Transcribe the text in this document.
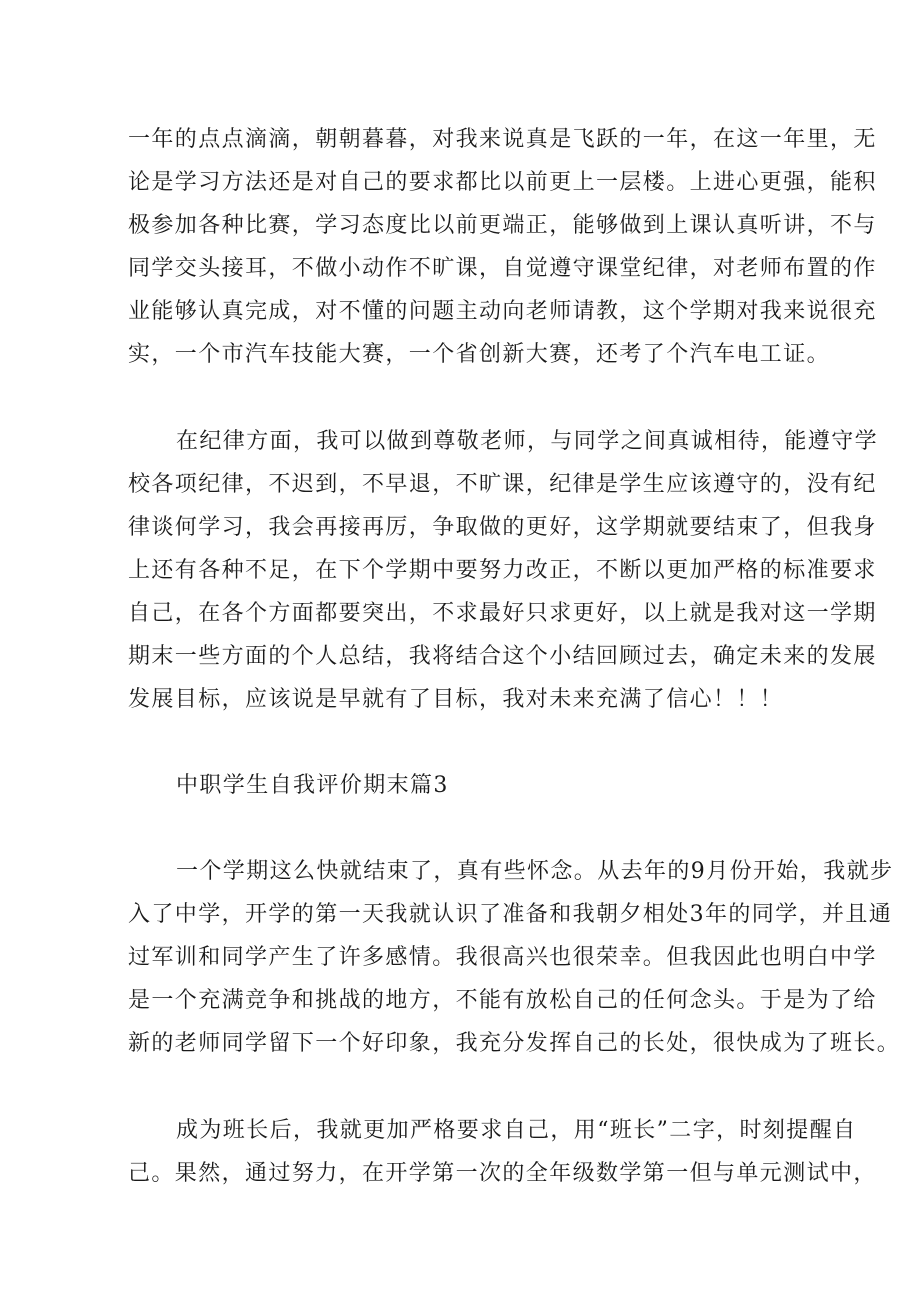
一年的点点滴滴，朝朝暮暮，对我来说真是飞跃的一年，在这一年里，无
论是学习方法还是对自己的要求都比以前更上一层楼。上进心更强，能积
极参加各种比赛，学习态度比以前更端正，能够做到上课认真听讲，不与
同学交头接耳，不做小动作不旷课，自觉遵守课堂纪律，对老师布置的作
业能够认真完成，对不懂的问题主动向老师请教，这个学期对我来说很充
实，一个市汽车技能大赛，一个省创新大赛，还考了个汽车电工证。
在纪律方面，我可以做到尊敬老师，与同学之间真诚相待，能遵守学
校各项纪律，不迟到，不早退，不旷课，纪律是学生应该遵守的，没有纪
律谈何学习，我会再接再厉，争取做的更好，这学期就要结束了，但我身
上还有各种不足，在下个学期中要努力改正，不断以更加严格的标准要求
自己，在各个方面都要突出，不求最好只求更好，以上就是我对这一学期
期末一些方面的个人总结，我将结合这个小结回顾过去，确定未来的发展
发展目标，应该说是早就有了目标，我对未来充满了信心！！！
中职学生自我评价期末篇3
一个学期这么快就结束了，真有些怀念。从去年的9月份开始，我就步
入了中学，开学的第一天我就认识了准备和我朝夕相处3年的同学，并且通
过军训和同学产生了许多感情。我很高兴也很荣幸。但我因此也明白中学
是一个充满竞争和挑战的地方，不能有放松自己的任何念头。于是为了给
新的老师同学留下一个好印象，我充分发挥自己的长处，很快成为了班长。
成为班长后，我就更加严格要求自己，用“班长”二字，时刻提醒自
己。果然，通过努力，在开学第一次的全年级数学第一但与单元测试中，
